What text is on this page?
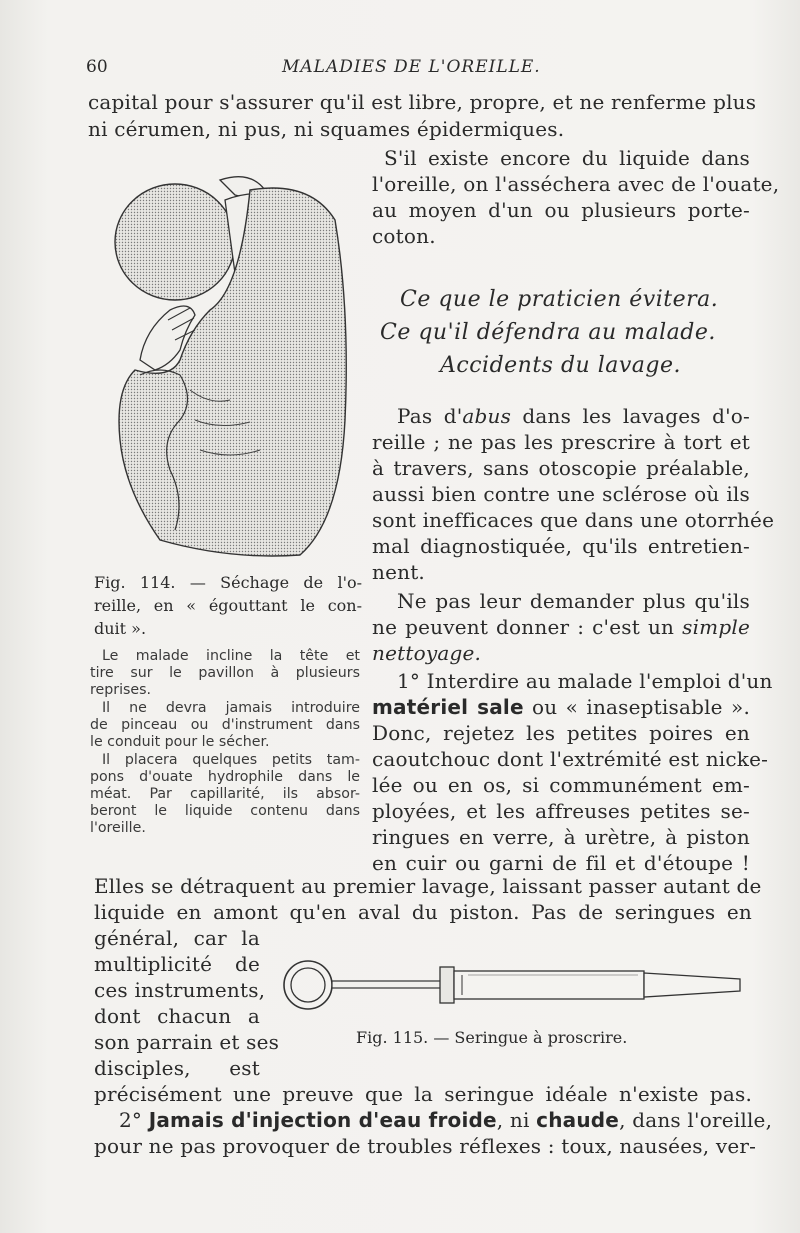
60	MALADIES DE L'OREILLE.
capital pour s'assurer qu'il est libre, propre, et ne renferme plus
ni cérumen, ni pus, ni squames épidermiques.
S'il existe encore du liquide dans
l'oreille, on l'asséchera avec de l'ouate,
au moyen d'un ou plusieurs porte-
coton.
Ce que le praticien évitera.
Ce qu'il défendra au malade.
Accidents du lavage.
Pas d'abus dans les lavages d'o-
reille ; ne pas les prescrire à tort et
à travers, sans otoscopie préalable,
aussi bien contre une sclérose où ils
sont inefficaces que dans une otorrhée
mal diagnostiquée, qu'ils entretien-
nent.
Ne pas leur demander plus qu'ils
ne peuvent donner : c'est un simple
nettoyage.
1° Interdire au malade l'emploi d'un
matériel sale ou « inaseptisable ».
Donc, rejetez les petites poires en
caoutchouc dont l'extrémité est nicke-
lée ou en os, si communément em-
ployées, et les affreuses petites se-
ringues en verre, à urètre, à piston
en cuir ou garni de fil et d'étoupe !
Fig. 114. — Séchage de l'o-
reille, en « égouttant le con-
duit ».
Le malade incline la tête et
tire sur le pavillon à plusieurs
reprises.
Il ne devra jamais introduire
de pinceau ou d'instrument dans
le conduit pour le sécher.
Il placera quelques petits tam-
pons d'ouate hydrophile dans le
méat. Par capillarité, ils absor-
beront le liquide contenu dans
l'oreille.
Elles se détraquent au premier lavage, laissant passer autant de
liquide en amont qu'en aval du piston. Pas de seringues en
général, car la
multiplicité de
ces instruments,
dont chacun a
son parrain et ses
disciples, est
Fig. 115. — Seringue à proscrire.
précisément une preuve que la seringue idéale n'existe pas.
2° Jamais d'injection d'eau froide, ni chaude, dans l'oreille,
pour ne pas provoquer de troubles réflexes : toux, nausées, ver-
